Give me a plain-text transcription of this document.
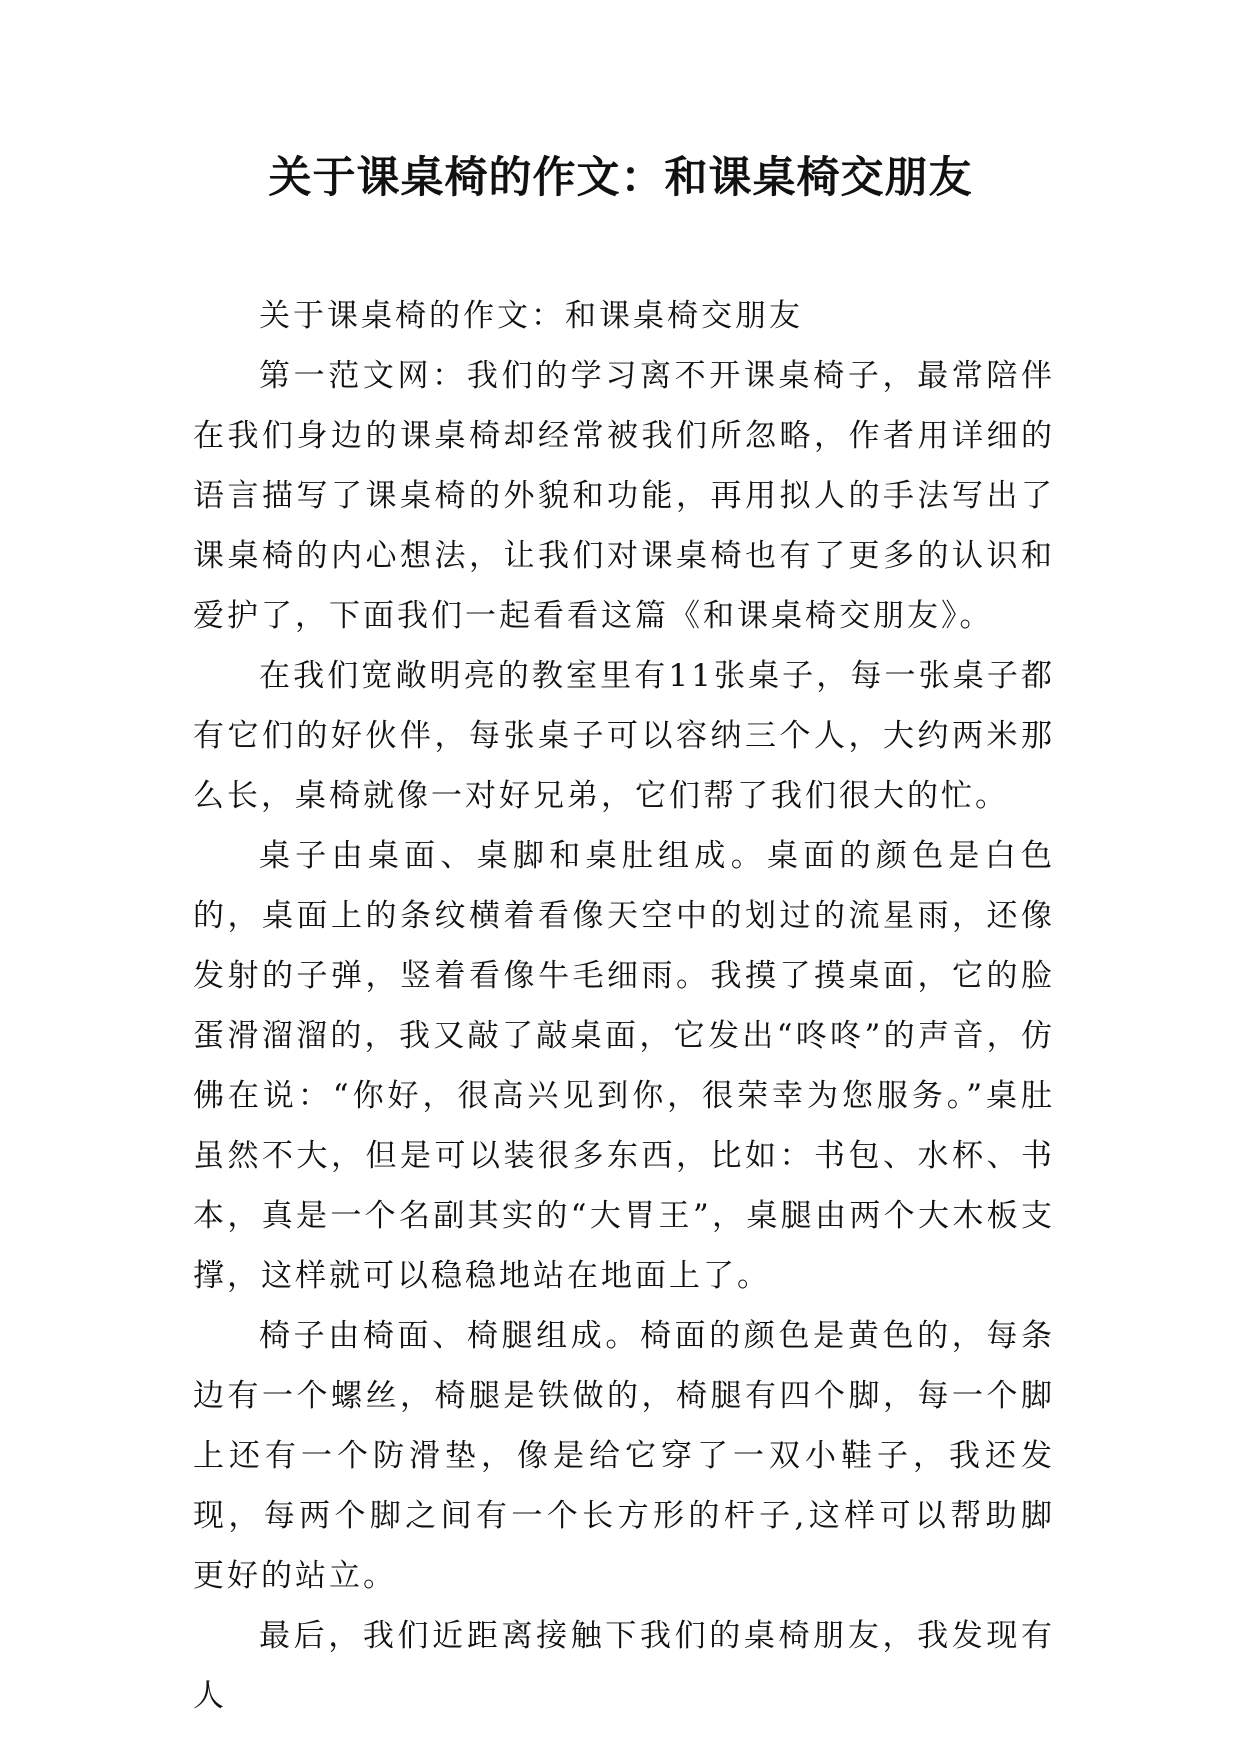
关于课桌椅的作文：和课桌椅交朋友

关于课桌椅的作文：和课桌椅交朋友

第一范文网：我们的学习离不开课桌椅子，最常陪伴在我们身边的课桌椅却经常被我们所忽略，作者用详细的语言描写了课桌椅的外貌和功能，再用拟人的手法写出了课桌椅的内心想法，让我们对课桌椅也有了更多的认识和爱护了，下面我们一起看看这篇《和课桌椅交朋友》。

在我们宽敞明亮的教室里有11张桌子，每一张桌子都有它们的好伙伴，每张桌子可以容纳三个人，大约两米那么长，桌椅就像一对好兄弟，它们帮了我们很大的忙。

桌子由桌面、桌脚和桌肚组成。桌面的颜色是白色的，桌面上的条纹横着看像天空中的划过的流星雨，还像发射的子弹，竖着看像牛毛细雨。我摸了摸桌面，它的脸蛋滑溜溜的，我又敲了敲桌面，它发出“咚咚”的声音，仿佛在说：“你好，很高兴见到你，很荣幸为您服务。”桌肚虽然不大，但是可以装很多东西，比如：书包、水杯、书本，真是一个名副其实的“大胃王”，桌腿由两个大木板支撑，这样就可以稳稳地站在地面上了。

椅子由椅面、椅腿组成。椅面的颜色是黄色的，每条边有一个螺丝，椅腿是铁做的，椅腿有四个脚，每一个脚上还有一个防滑垫，像是给它穿了一双小鞋子，我还发现，每两个脚之间有一个长方形的杆子,这样可以帮助脚更好的站立。

最后，我们近距离接触下我们的桌椅朋友，我发现有人
